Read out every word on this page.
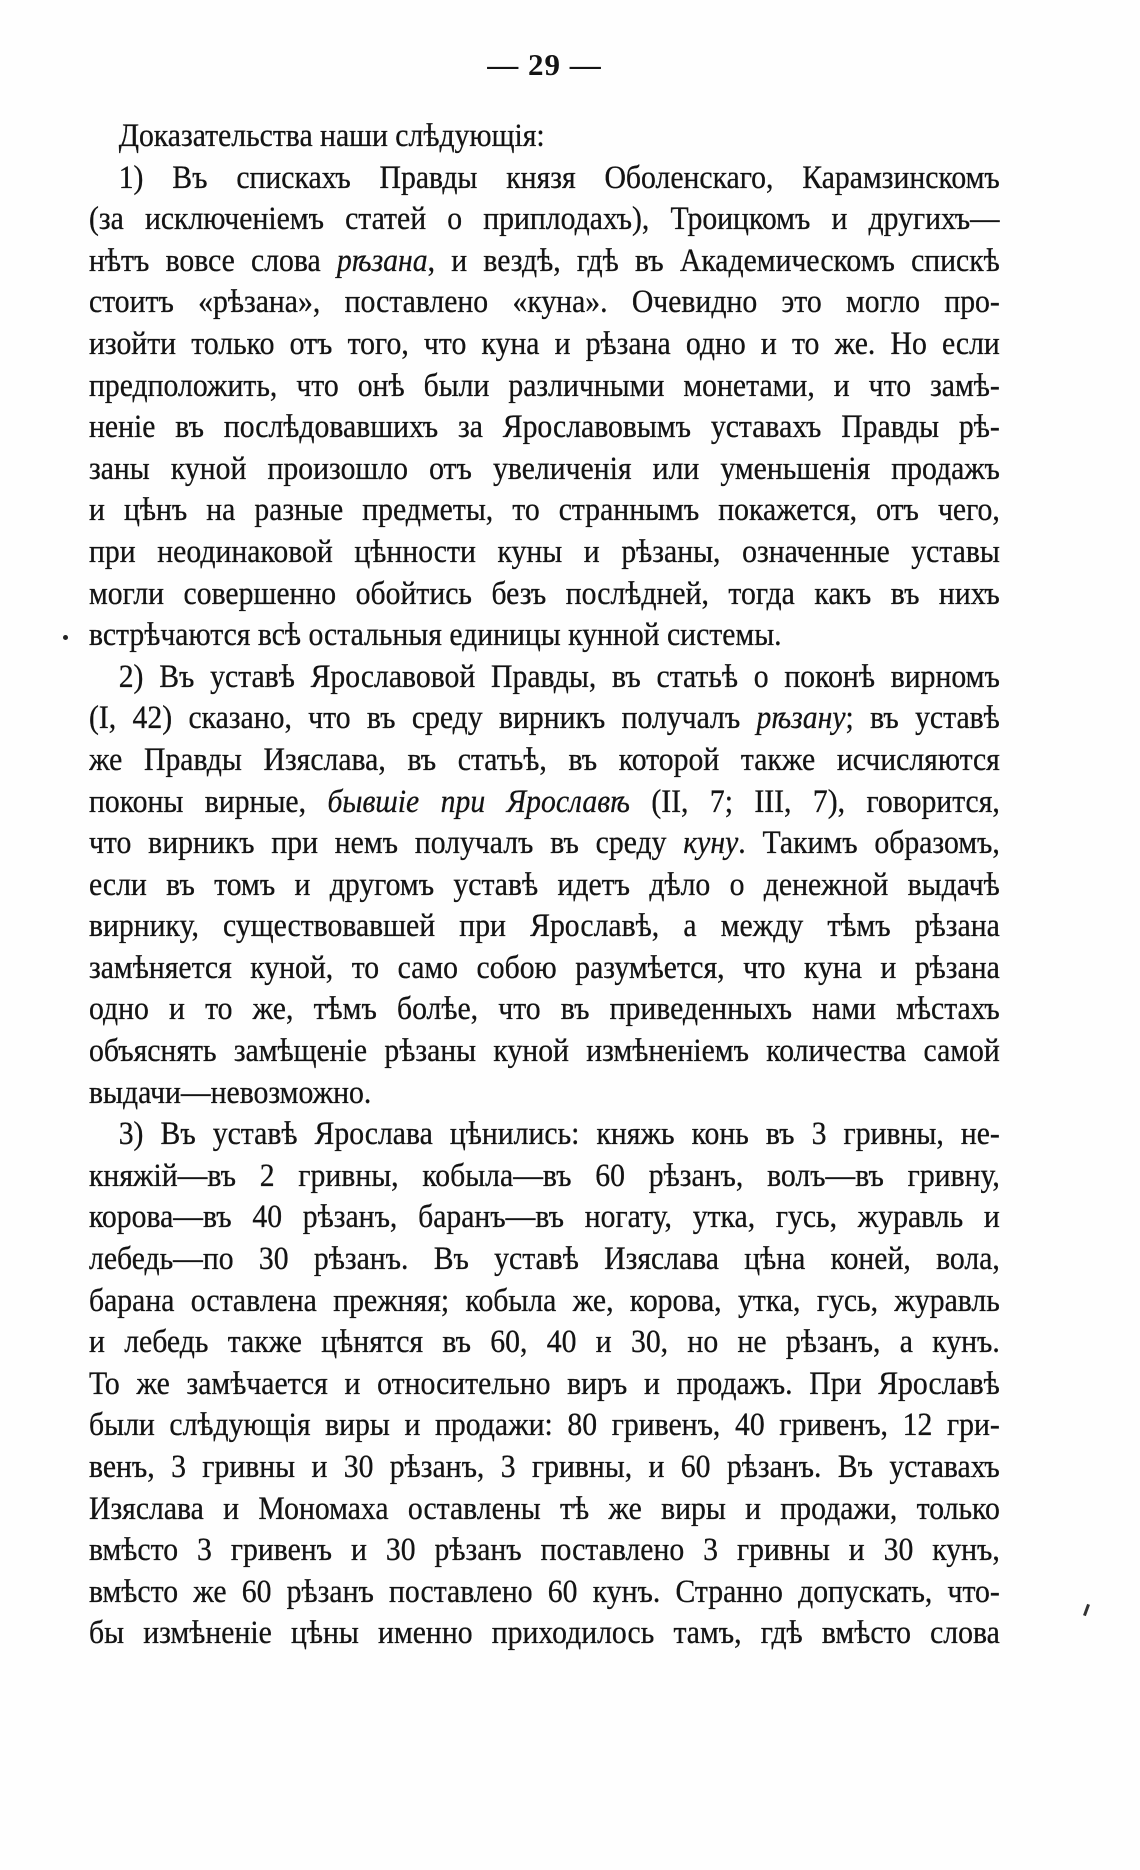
— 29 —
Доказательства наши слѣдующія:
1) Въ спискахъ Правды князя Оболенскаго, Карамзинскомъ
(за исключеніемъ статей о приплодахъ), Троицкомъ и другихъ—
нѣтъ вовсе слова рѣзана, и вездѣ, гдѣ въ Академическомъ спискѣ
стоитъ «рѣзана», поставлено «куна». Очевидно это могло про-
изойти только отъ того, что куна и рѣзана одно и то же. Но если
предположить, что онѣ были различными монетами, и что замѣ-
неніе въ послѣдовавшихъ за Ярославовымъ уставахъ Правды рѣ-
заны куной произошло отъ увеличенія или уменьшенія продажъ
и цѣнъ на разные предметы, то страннымъ покажется, отъ чего,
при неодинаковой цѣнности куны и рѣзаны, означенные уставы
могли совершенно обойтись безъ послѣдней, тогда какъ въ нихъ
встрѣчаются всѣ остальныя единицы кунной системы.
2) Въ уставѣ Ярославовой Правды, въ статьѣ о поконѣ вирномъ
(I, 42) сказано, что въ среду вирникъ получалъ рѣзану; въ уставѣ
же Правды Изяслава, въ статьѣ, въ которой также исчисляются
поконы вирные, бывшіе при Ярославѣ (II, 7; III, 7), говорится,
что вирникъ при немъ получалъ въ среду куну. Такимъ образомъ,
если въ томъ и другомъ уставѣ идетъ дѣло о денежной выдачѣ
вирнику, существовавшей при Ярославѣ, а между тѣмъ рѣзана
замѣняется куной, то само собою разумѣется, что куна и рѣзана
одно и то же, тѣмъ болѣе, что въ приведенныхъ нами мѣстахъ
объяснять замѣщеніе рѣзаны куной измѣненіемъ количества самой
выдачи—невозможно.
3) Въ уставѣ Ярослава цѣнились: княжь конь въ 3 гривны, не-
княжій—въ 2 гривны, кобыла—въ 60 рѣзанъ, волъ—въ гривну,
корова—въ 40 рѣзанъ, баранъ—въ ногату, утка, гусь, журавль и
лебедь—по 30 рѣзанъ. Въ уставѣ Изяслава цѣна коней, вола,
барана оставлена прежняя; кобыла же, корова, утка, гусь, журавль
и лебедь также цѣнятся въ 60, 40 и 30, но не рѣзанъ, а кунъ.
То же замѣчается и относительно виръ и продажъ. При Ярославѣ
были слѣдующія виры и продажи: 80 гривенъ, 40 гривенъ, 12 гри-
венъ, 3 гривны и 30 рѣзанъ, 3 гривны, и 60 рѣзанъ. Въ уставахъ
Изяслава и Мономаха оставлены тѣ же виры и продажи, только
вмѣсто 3 гривенъ и 30 рѣзанъ поставлено 3 гривны и 30 кунъ,
вмѣсто же 60 рѣзанъ поставлено 60 кунъ. Странно допускать, что-
бы измѣненіе цѣны именно приходилось тамъ, гдѣ вмѣсто слова
